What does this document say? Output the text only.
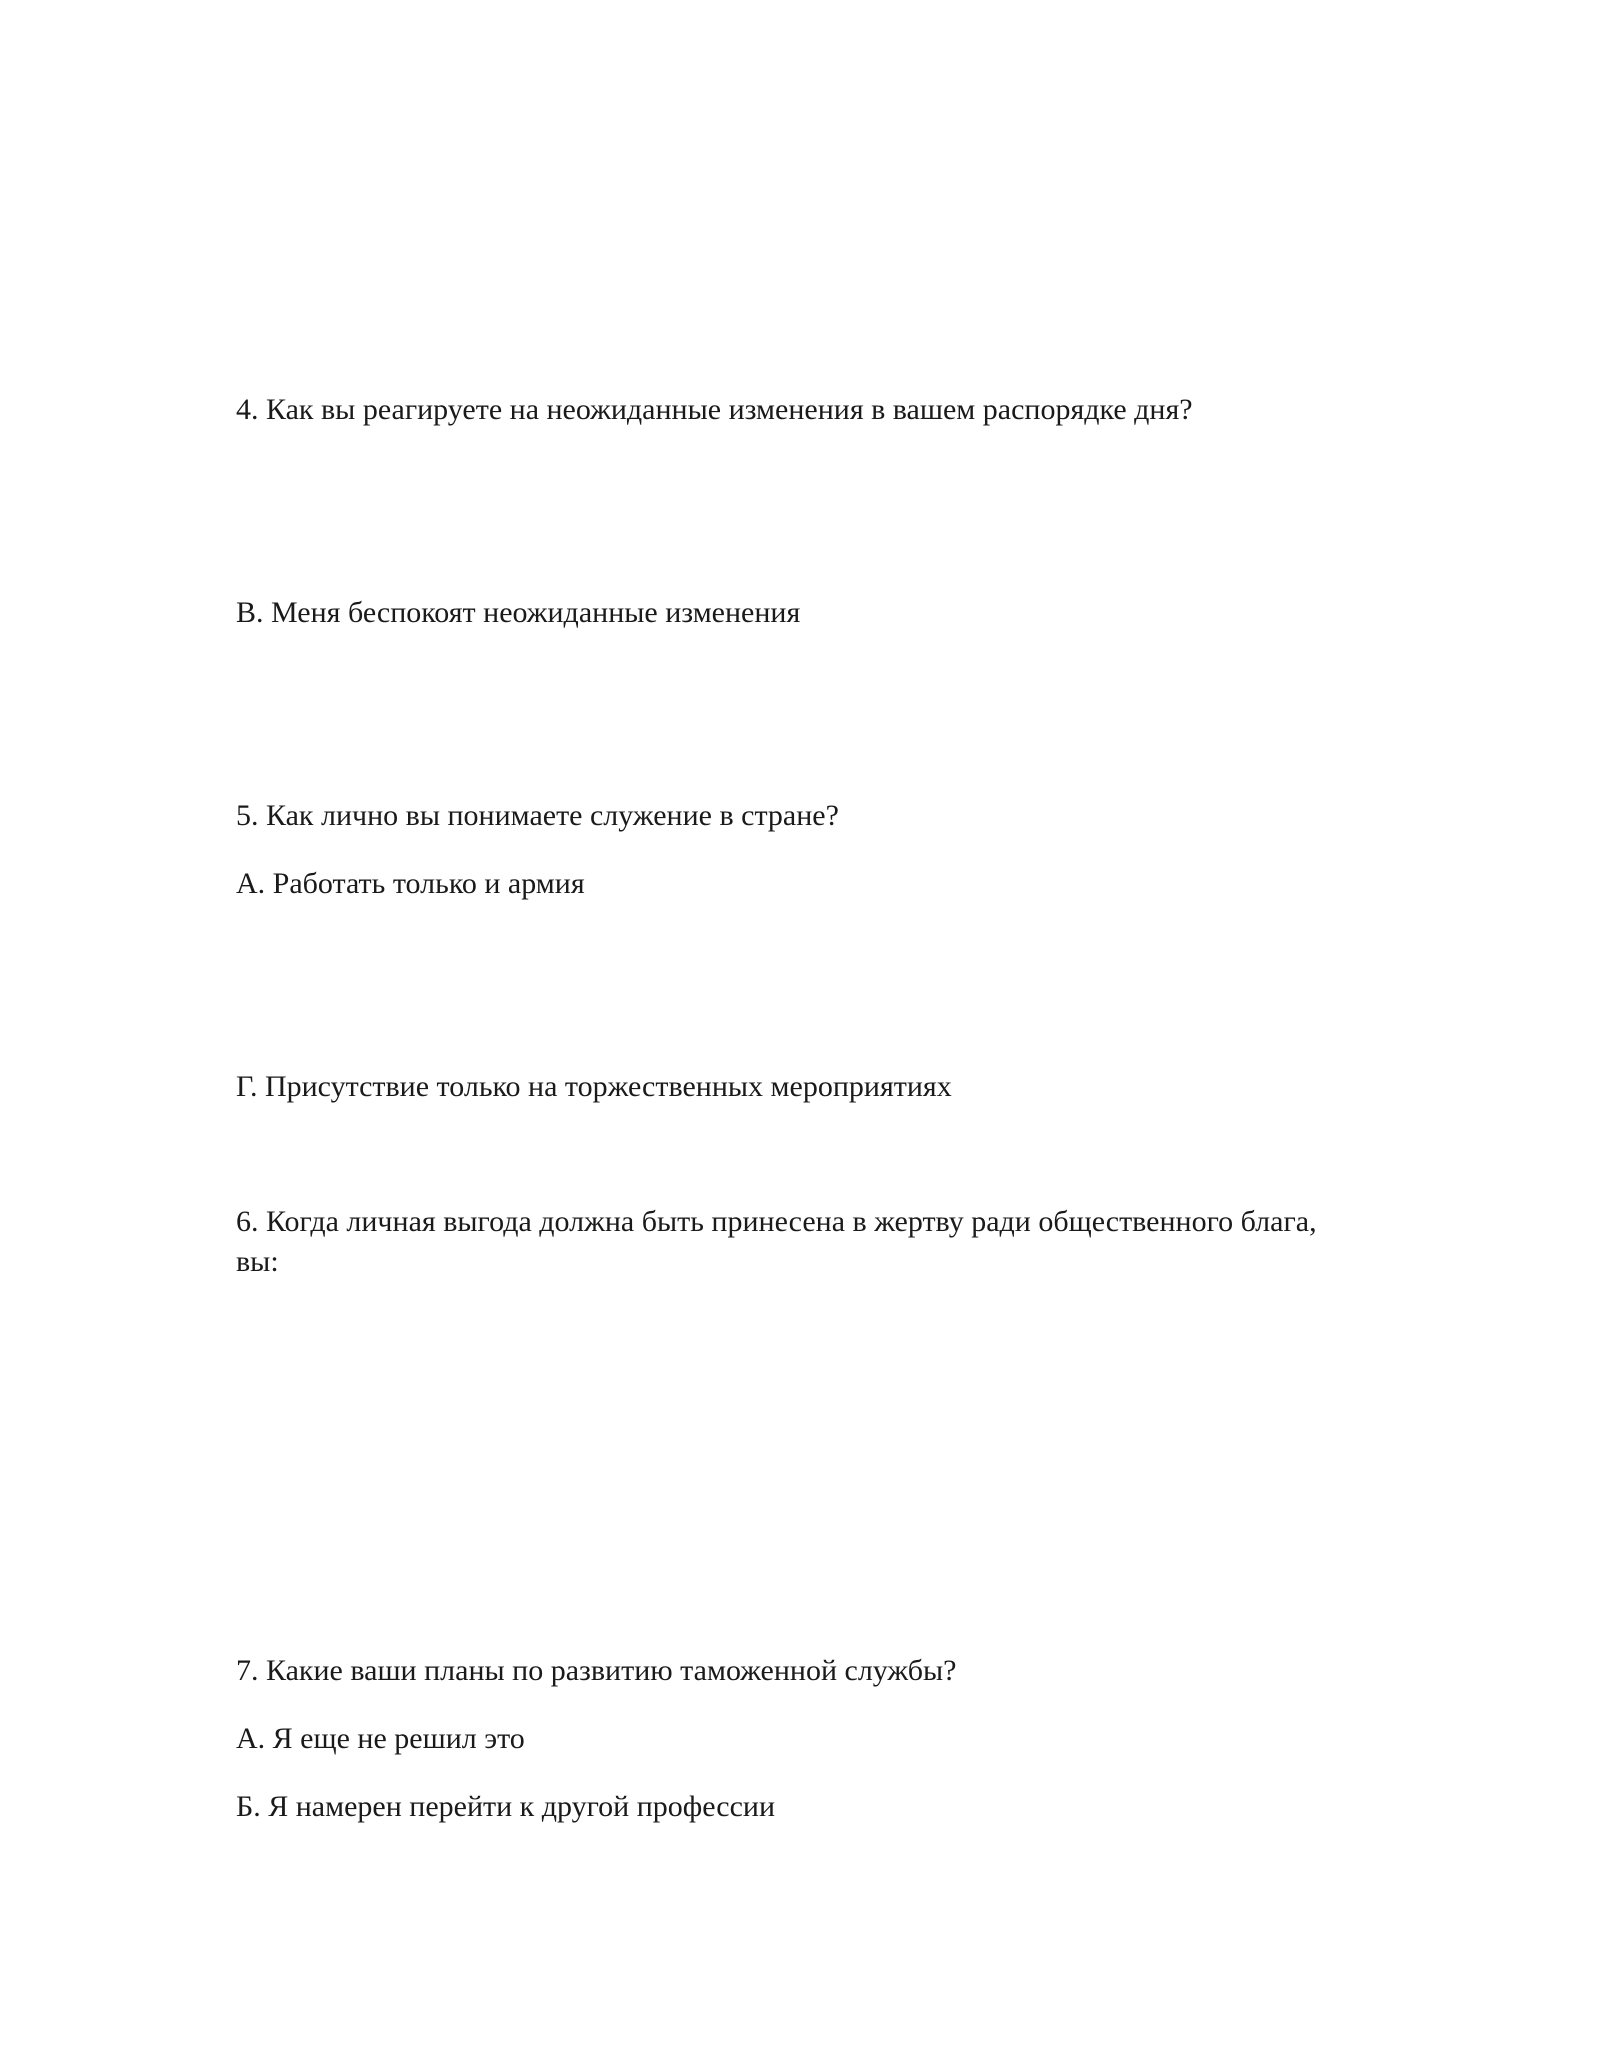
4. Как вы реагируете на неожиданные изменения в вашем распорядке дня?
В. Меня беспокоят неожиданные изменения
5. Как лично вы понимаете служение в стране?
А. Работать только и армия
Г. Присутствие только на торжественных мероприятиях
6. Когда личная выгода должна быть принесена в жертву ради общественного блага, вы:
7. Какие ваши планы по развитию таможенной службы?
А. Я еще не решил это
Б. Я намерен перейти к другой профессии
